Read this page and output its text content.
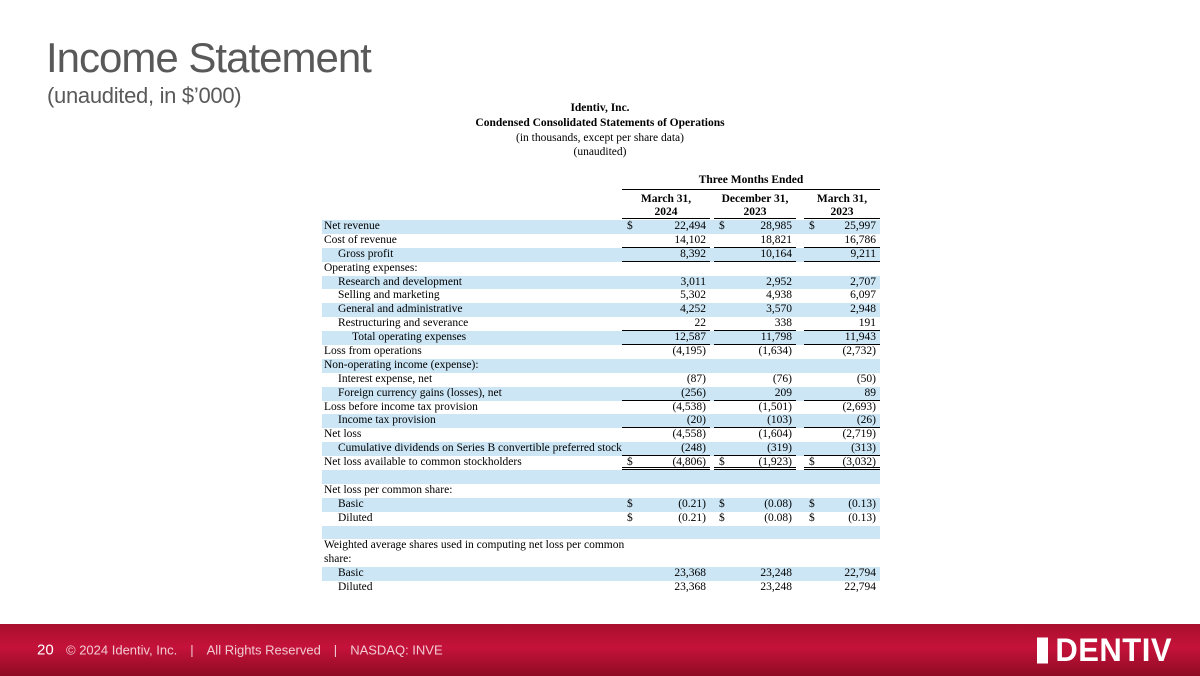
Income Statement
(unaudited, in $’000)	Identiv, Inc.
Condensed Consolidated Statements of Operations
(in thousands, except per share data)
(unaudited)
Three Months Ended
March 31,
2024
December 31,
2023
March 31,
2023
Net revenue	$	22,494 $	28,985 $	25,997
Cost of revenue	14,102	18,821	16,786
Gross profit	8,392	10,164	9,211
Operating expenses:
Research and development	3,011	2,952	2,707
Selling and marketing	5,302	4,938	6,097
General and administrative	4,252	3,570	2,948
Restructuring and severance	22	338	191
Total operating expenses	12,587	11,798	11,943
Loss from operations	(4,195)	(1,634)	(2,732)
Non-operating income (expense):
Interest expense, net	(87)	(76)	(50)
Foreign currency gains (losses), net	(256)	209	89
Loss before income tax provision	(4,538)	(1,501)	(2,693)
Income tax provision	(20)	(103)	(26)
Net loss	(4,558)	(1,604)	(2,719)
Cumulative dividends on Series B convertible preferred stock	(248)	(319)	(313)
Net loss available to common stockholders	$	(4,806) $	(1,923) $ (3,032)
Net loss per common share:
Basic	$	(0.21) $	(0.08) $	(0.13)
Diluted	$	(0.21) $	(0.08) $	(0.13)
Weighted average shares used in computing net loss per common
share:
Basic	23,368	23,248	22,794
Diluted	23,368	23,248	22,794
20 © 2024 Identiv, Inc. | All Rights Reserved | NASDAQ: INVE	DENTIV
